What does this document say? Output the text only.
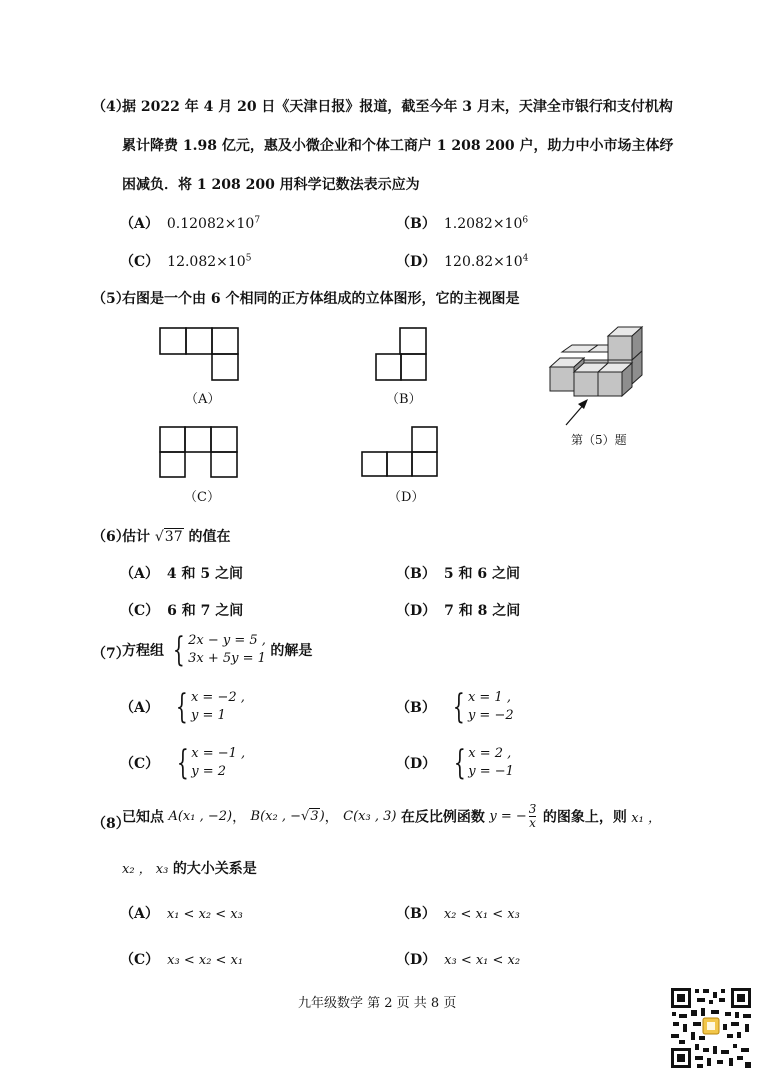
（4）
据 2022 年 4 月 20 日《天津日报》报道，截至今年 3 月末，天津全市银行和支付机构
累计降费 1.98 亿元，惠及小微企业和个体工商户 1 208 200 户，助力中小市场主体纾
困减负．将 1 208 200 用科学记数法表示应为
（A） $0.12082\times 10^7$	（B） $1.2082\times 10^6$
（C） $12.082\times 10^5$	（D） $120.82\times 10^4$
（5）
右图是一个由 6 个相同的正方体组成的立体图形，它的主视图是
（A）	（B）
（C）	（D）
第（5）题
（6）
估计 √37 的值在
（A） 4 和 5 之间	（B） 5 和 6 之间
（C） 6 和 7 之间	（D） 7 和 8 之间
（7）
方程组 { 2x − y = 5 ,
3x + 5y = 1 的解是
（A） { x = −2 ,
y = 1	（B） { x = 1 ,
y = −2
（C） { x = −1 ,
y = 2	（D） { x = 2 ,
y = −1
（8）
已知点 A(x₁ , −2)， B(x₂ , −√3)， C(x₃ , 3) 在反比例函数 y = − $\frac{3}{x}$ 的图象上，则 x₁ ，
x₂ ， x₃ 的大小关系是
（A） x₁ < x₂ < x₃	（B） x₂ < x₁ < x₃
（C） x₃ < x₂ < x₁	（D） x₃ < x₁ < x₂
九年级数学 第 2 页 共 8 页
